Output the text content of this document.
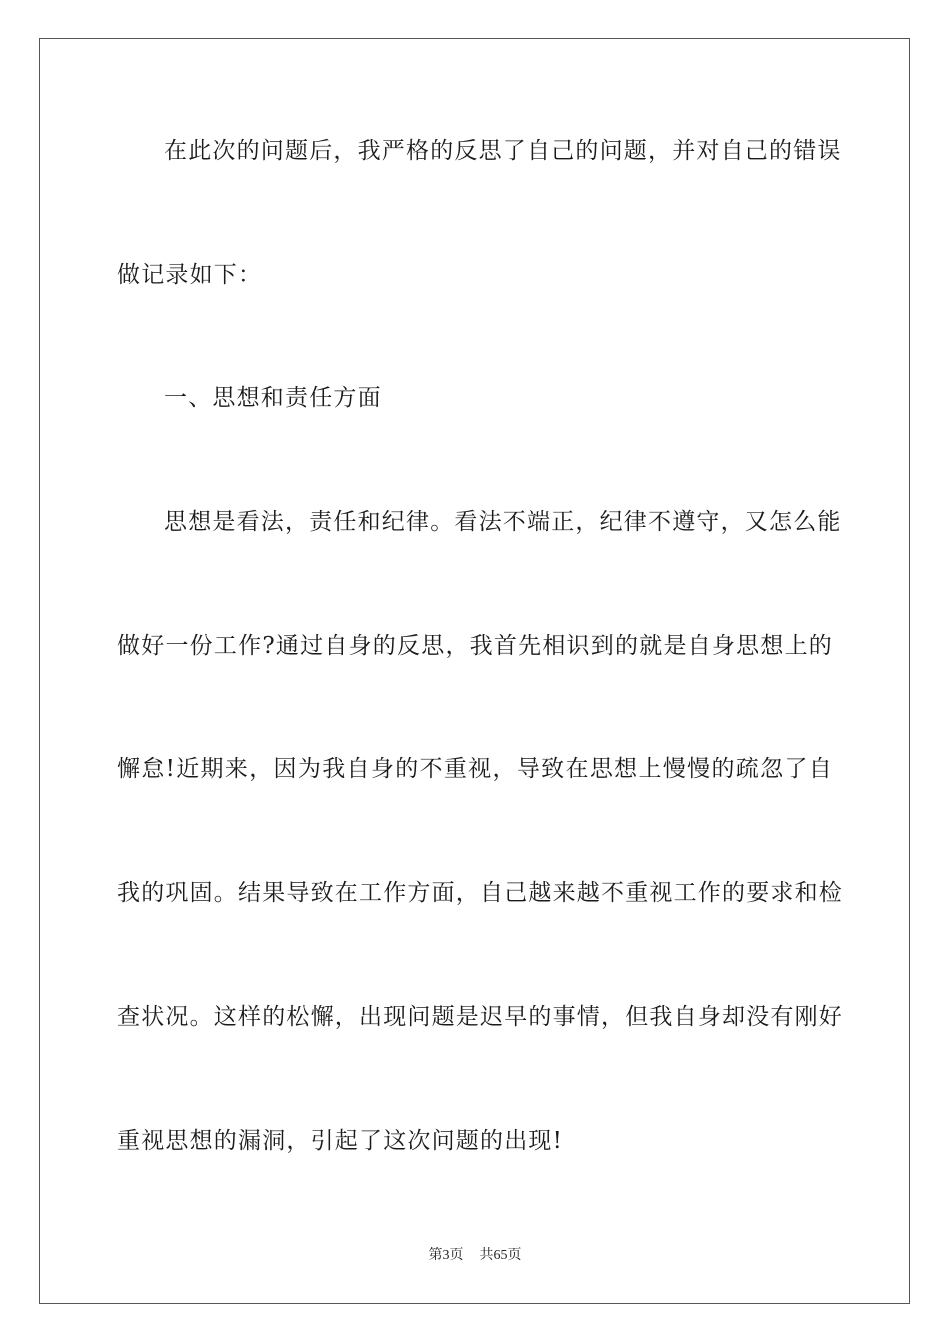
在此次的问题后，我严格的反思了自己的问题，并对自己的错误
做记录如下：
一、思想和责任方面
思想是看法，责任和纪律。看法不端正，纪律不遵守，又怎么能
做好一份工作?通过自身的反思，我首先相识到的就是自身思想上的
懈怠!近期来，因为我自身的不重视，导致在思想上慢慢的疏忽了自
我的巩固。结果导致在工作方面，自己越来越不重视工作的要求和检
查状况。这样的松懈，出现问题是迟早的事情，但我自身却没有刚好
重视思想的漏洞，引起了这次问题的出现!
第3页 共65页
